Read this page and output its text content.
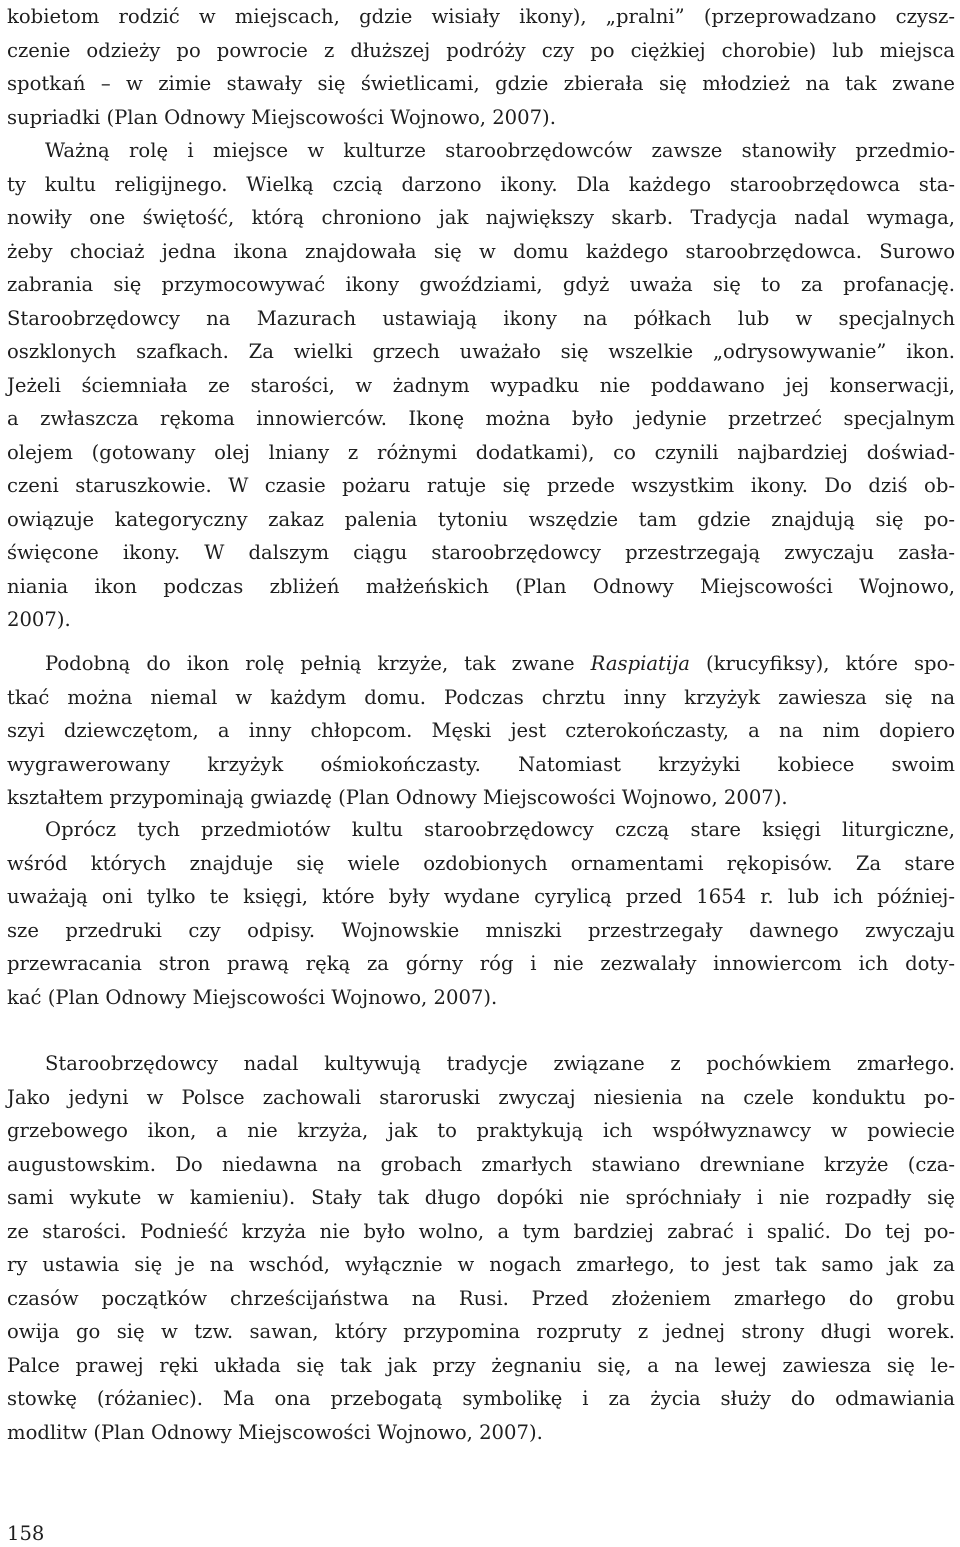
kobietom rodzić w miejscach, gdzie wisiały ikony), „pralni” (przeprowadzano czysz-
czenie odzieży po powrocie z dłuższej podróży czy po ciężkiej chorobie) lub miejsca
spotkań – w zimie stawały się świetlicami, gdzie zbierała się młodzież na tak zwane
supriadki (Plan Odnowy Miejscowości Wojnowo, 2007).
Ważną rolę i miejsce w kulturze staroobrzędowców zawsze stanowiły przedmio-
ty kultu religijnego. Wielką czcią darzono ikony. Dla każdego staroobrzędowca sta-
nowiły one świętość, którą chroniono jak największy skarb. Tradycja nadal wymaga,
żeby chociaż jedna ikona znajdowała się w domu każdego staroobrzędowca. Surowo
zabrania się przymocowywać ikony gwoździami, gdyż uważa się to za profanację.
Staroobrzędowcy na Mazurach ustawiają ikony na półkach lub w specjalnych
oszklonych szafkach. Za wielki grzech uważało się wszelkie „odrysowywanie” ikon.
Jeżeli ściemniała ze starości, w żadnym wypadku nie poddawano jej konserwacji,
a zwłaszcza rękoma innowierców. Ikonę można było jedynie przetrzeć specjalnym
olejem (gotowany olej lniany z różnymi dodatkami), co czynili najbardziej doświad-
czeni staruszkowie. W czasie pożaru ratuje się przede wszystkim ikony. Do dziś ob-
owiązuje kategoryczny zakaz palenia tytoniu wszędzie tam gdzie znajdują się po-
święcone ikony. W dalszym ciągu staroobrzędowcy przestrzegają zwyczaju zasła-
niania ikon podczas zbliżeń małżeńskich (Plan Odnowy Miejscowości Wojnowo,
2007).
Podobną do ikon rolę pełnią krzyże, tak zwane Raspiatija (krucyfiksy), które spo-
tkać można niemal w każdym domu. Podczas chrztu inny krzyżyk zawiesza się na
szyi dziewczętom, a inny chłopcom. Męski jest czterokończasty, a na nim dopiero
wygrawerowany krzyżyk ośmiokończasty. Natomiast krzyżyki kobiece swoim
kształtem przypominają gwiazdę (Plan Odnowy Miejscowości Wojnowo, 2007).
Oprócz tych przedmiotów kultu staroobrzędowcy czczą stare księgi liturgiczne,
wśród których znajduje się wiele ozdobionych ornamentami rękopisów. Za stare
uważają oni tylko te księgi, które były wydane cyrylicą przed 1654 r. lub ich później-
sze przedruki czy odpisy. Wojnowskie mniszki przestrzegały dawnego zwyczaju
przewracania stron prawą ręką za górny róg i nie zezwalały innowiercom ich doty-
kać (Plan Odnowy Miejscowości Wojnowo, 2007).
Staroobrzędowcy nadal kultywują tradycje związane z pochówkiem zmarłego.
Jako jedyni w Polsce zachowali staroruski zwyczaj niesienia na czele konduktu po-
grzebowego ikon, a nie krzyża, jak to praktykują ich współwyznawcy w powiecie
augustowskim. Do niedawna na grobach zmarłych stawiano drewniane krzyże (cza-
sami wykute w kamieniu). Stały tak długo dopóki nie spróchniały i nie rozpadły się
ze starości. Podnieść krzyża nie było wolno, a tym bardziej zabrać i spalić. Do tej po-
ry ustawia się je na wschód, wyłącznie w nogach zmarłego, to jest tak samo jak za
czasów początków chrześcijaństwa na Rusi. Przed złożeniem zmarłego do grobu
owija go się w tzw. sawan, który przypomina rozpruty z jednej strony długi worek.
Palce prawej ręki układa się tak jak przy żegnaniu się, a na lewej zawiesza się le-
stowkę (różaniec). Ma ona przebogatą symbolikę i za życia służy do odmawiania
modlitw (Plan Odnowy Miejscowości Wojnowo, 2007).
158
